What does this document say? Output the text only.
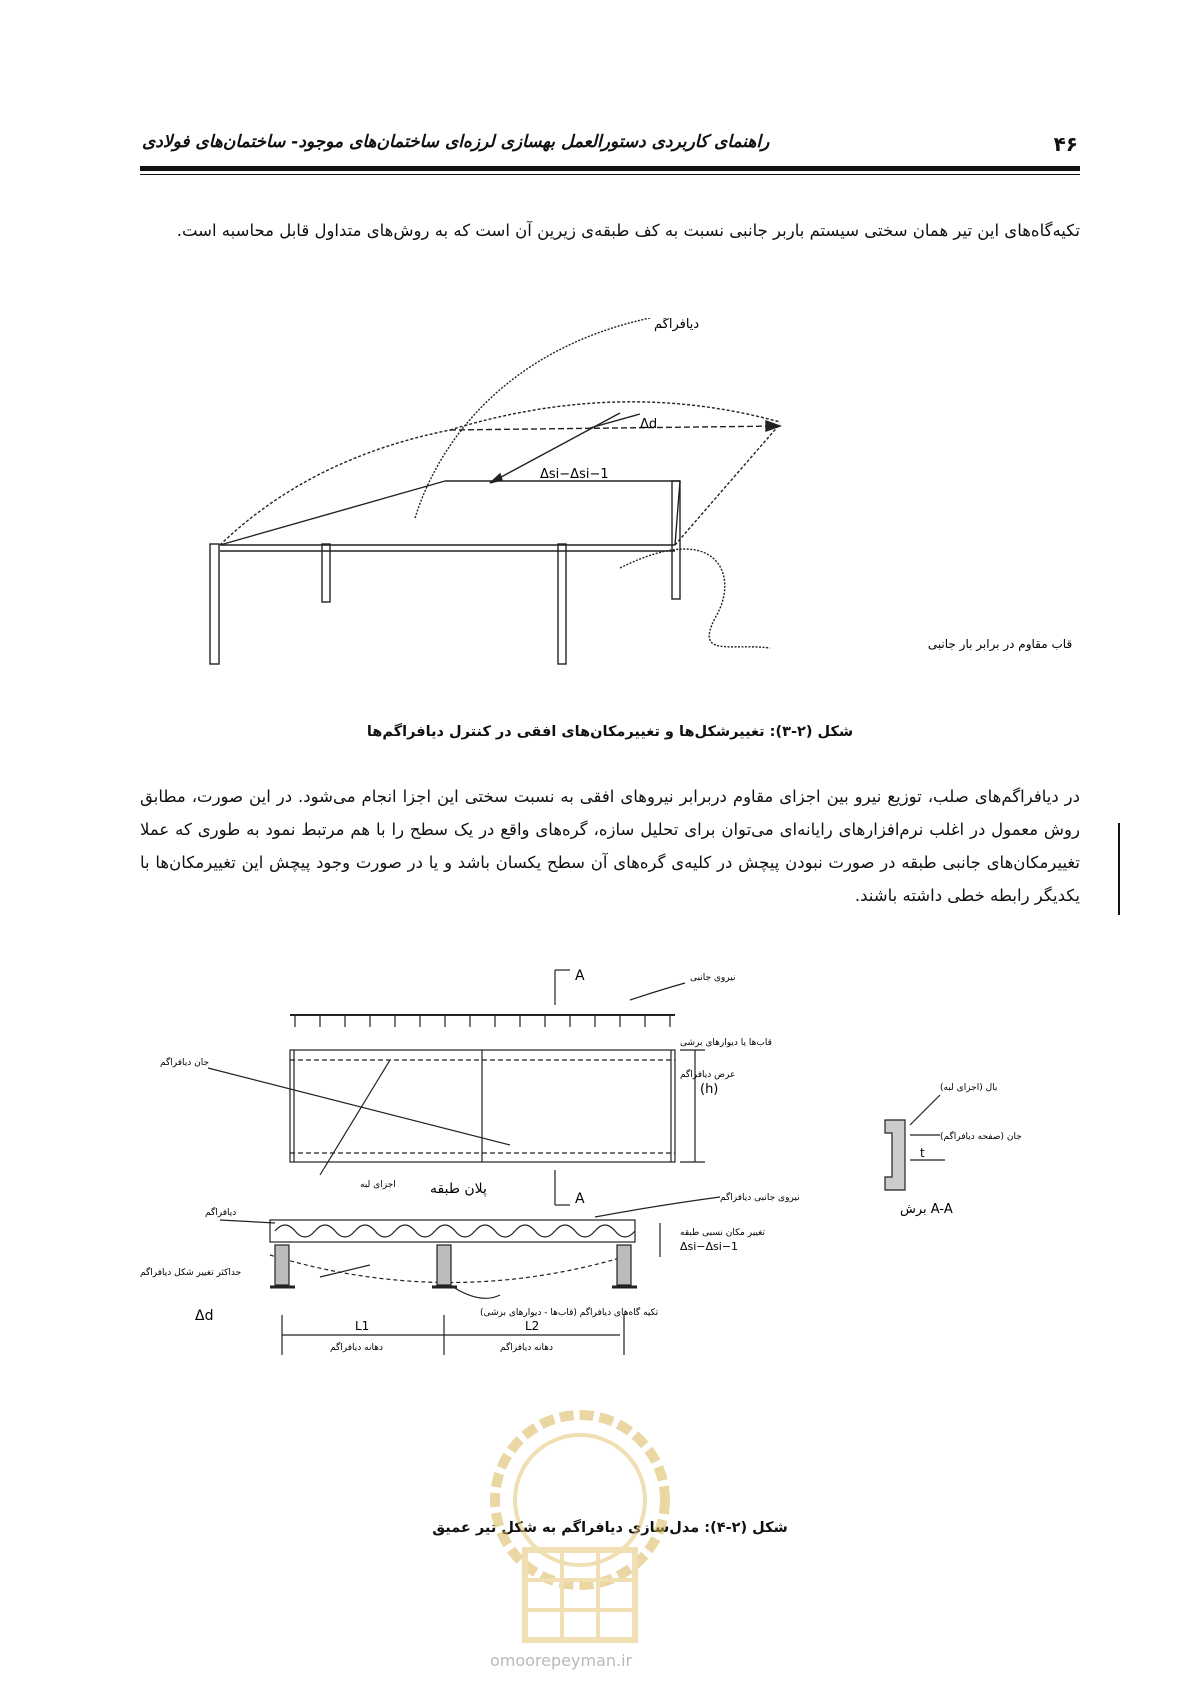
۴۶
راهنمای کاربردی دستورالعمل بهسازی لرزه‌ای ساختمان‌های موجود- ساختمان‌های فولادی

تکیه‌گاه‌های این تیر همان سختی سیستم باربر جانبی نسبت به کف طبقه‌ی زیرین آن است که به روش‌های متداول قابل محاسبه است.

دیافراگم
Δd
Δsi−Δsi−1
قاب مقاوم در برابر بار جانبی
شکل (۲-۳): تغییرشکل‌ها و تغییرمکان‌های افقی در کنترل دیافراگم‌ها

در دیافراگم‌های صلب، توزیع نیرو بین اجزای مقاوم دربرابر نیروهای افقی به نسبت سختی این اجزا انجام می‌شود. در این صورت، مطابق روش معمول در اغلب نرم‌افزارهای رایانه‌ای می‌توان برای تحلیل سازه، گره‌های واقع در یک سطح را با هم مرتبط نمود به طوری که عملا تغییرمکان‌های جانبی طبقه در صورت نبودن پیچش در کلیه‌ی گره‌های آن سطح یکسان باشد و یا در صورت وجود پیچش این تغییرمکان‌ها با یکدیگر رابطه خطی داشته باشند.

A
A
نیروی جانبی
جان دیافراگم
قاب‌ها یا دیوارهای برشی
عرض دیافراگم
(h)
اجزای لبه پلان طبقه
بال (اجزای لبه)
جان (صفحه دیافراگم)
t
برش A-A
دیافراگم
نیروی جانبی دیافراگم
حداکثر تغییر شکل دیافراگم
تغییر مکان نسبی طبقه
Δsi−Δsi−1
Δd	تکیه گاه‌های دیافراگم (قاب‌ها - دیوارهای برشی)
L1	L2
دهانه دیافراگم	دهانه دیافراگم
شکل (۲-۴): مدل‌سازی دیافراگم به شکل تیر عمیق
omoorepeyman.ir
